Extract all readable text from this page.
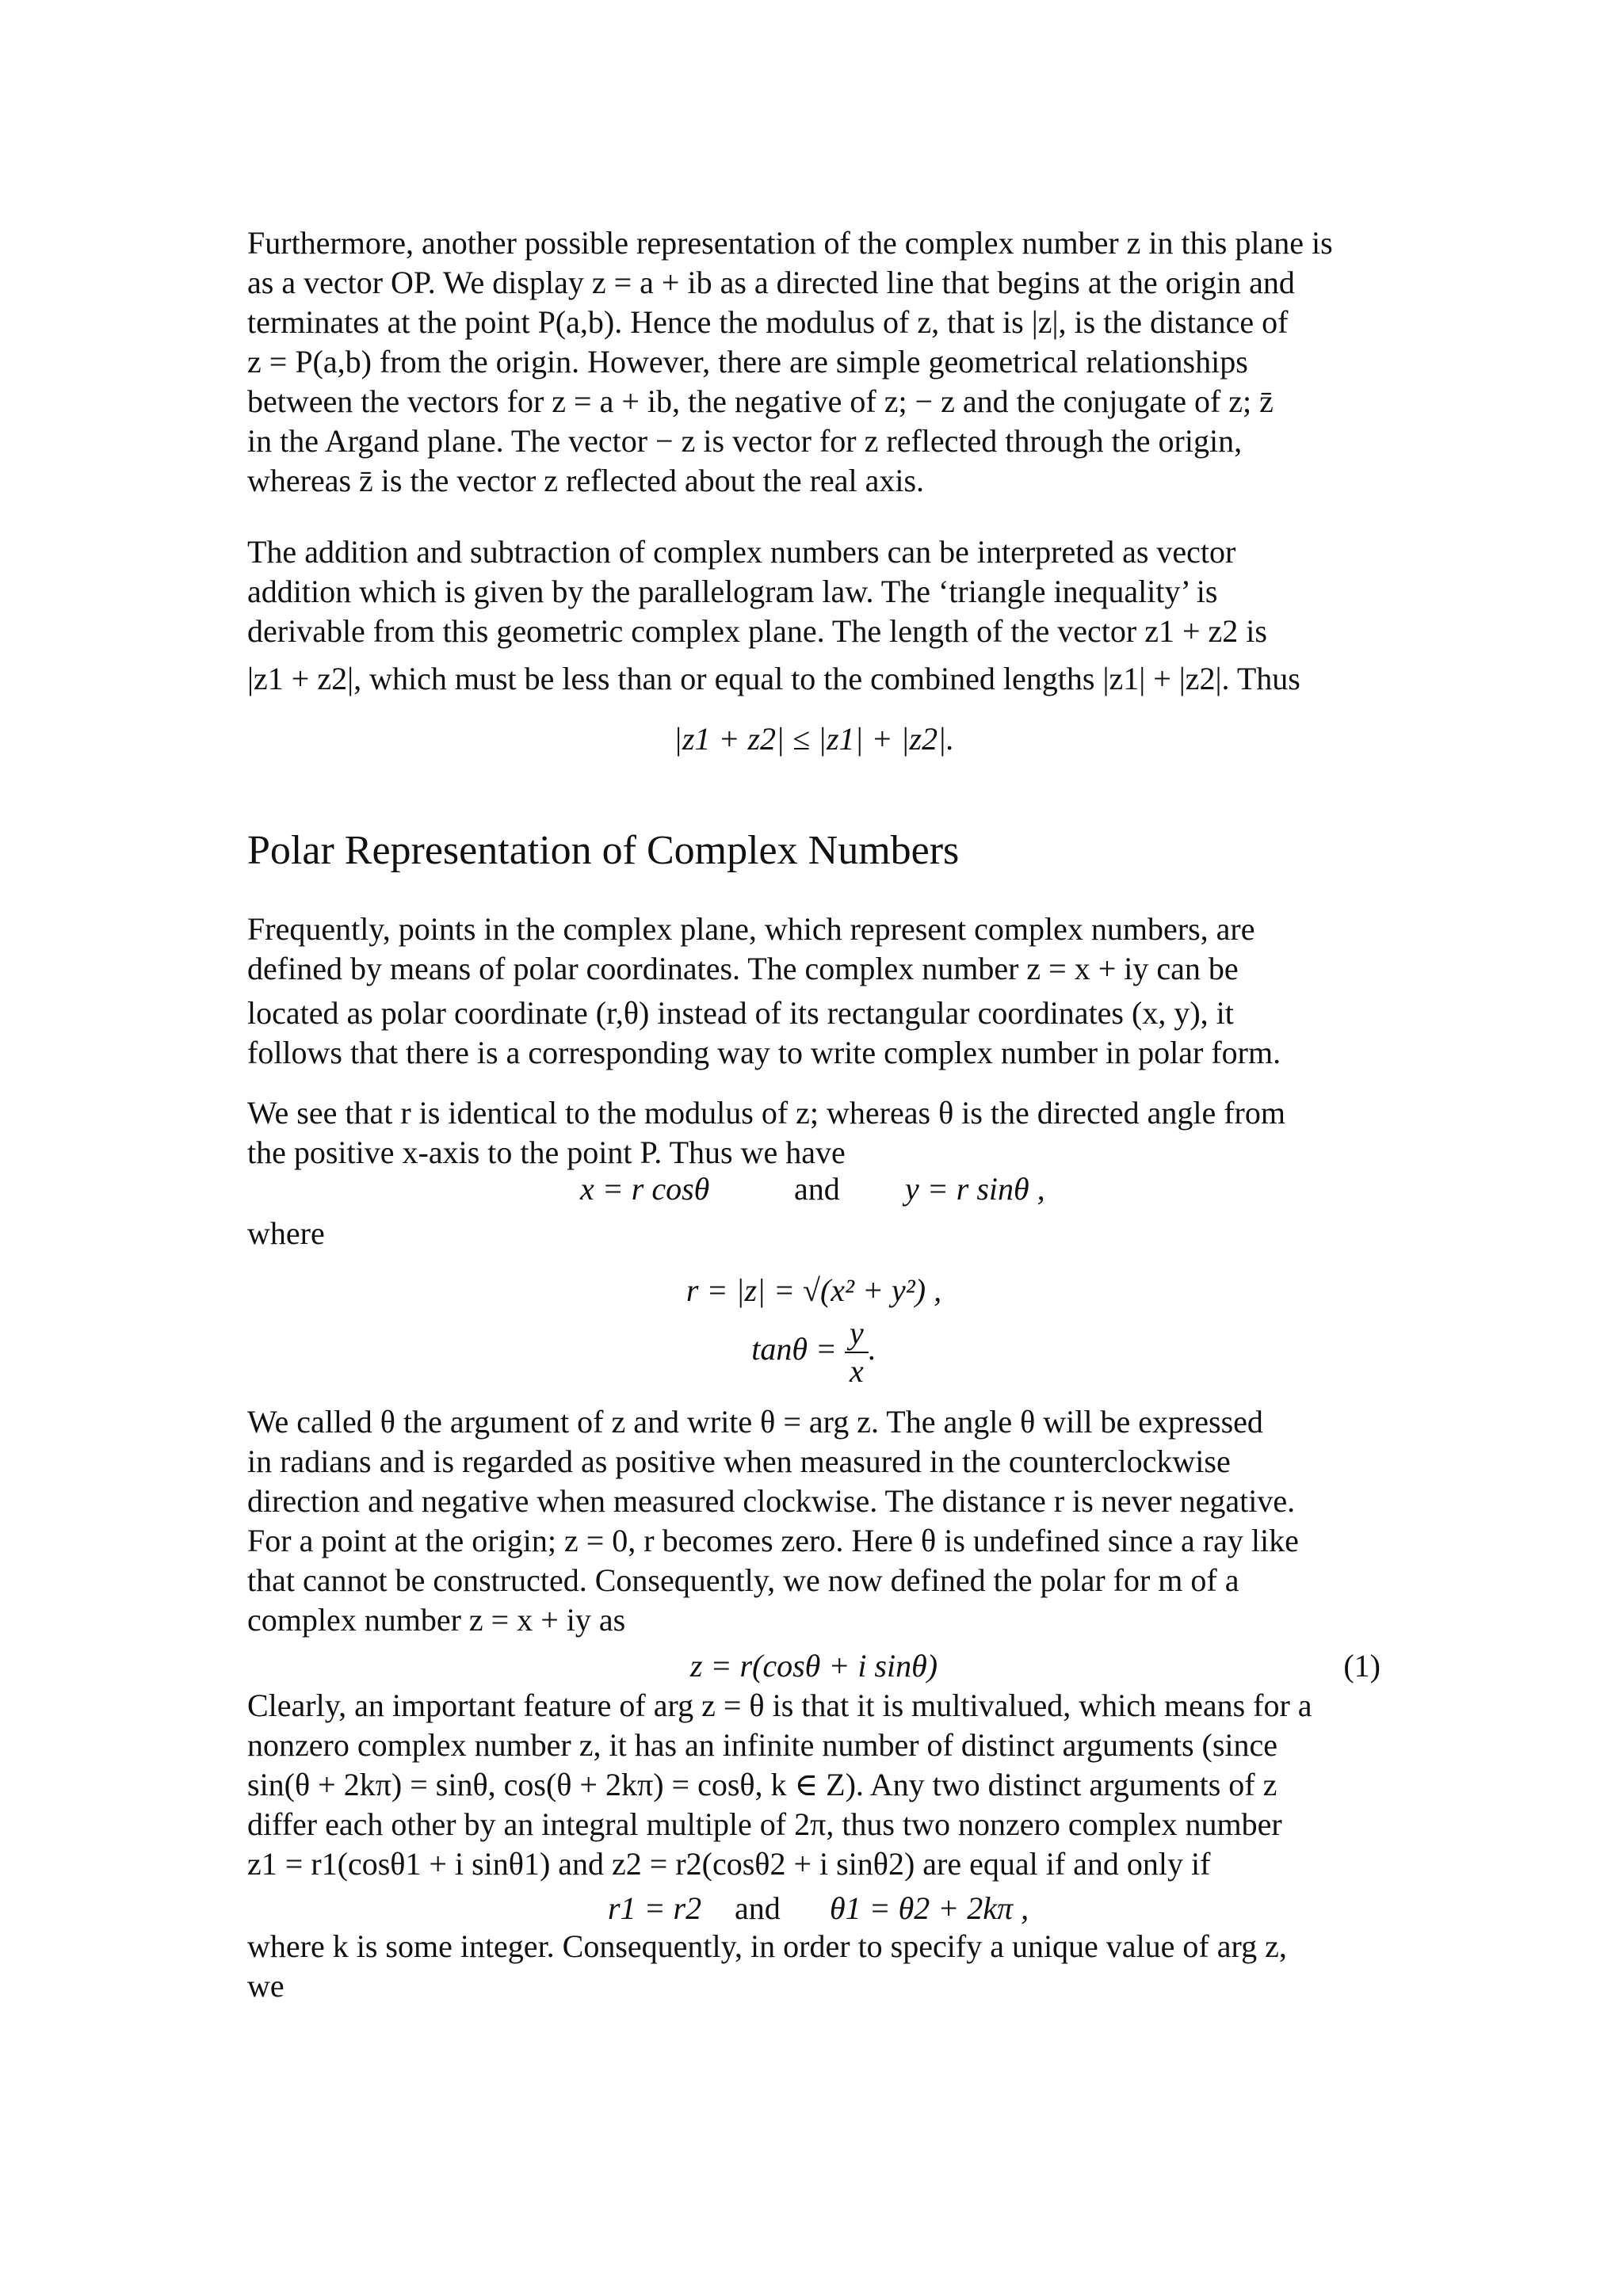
Furthermore, another possible representation of the complex number z in this plane is

as a vector OP. We display z = a + ib as a directed line that begins at the origin and

terminates at the point P(a,b). Hence the modulus of z, that is |z|, is the distance of

z = P(a,b) from the origin. However, there are simple geometrical relationships

between the vectors for z = a + ib, the negative of z; − z and the conjugate of z; z̄

in the Argand plane. The vector − z is vector for z reflected through the origin,

whereas z̄ is the vector z reflected about the real axis.

The addition and subtraction of complex numbers can be interpreted as vector

addition which is given by the parallelogram law. The ‘triangle inequality’ is

derivable from this geometric complex plane. The length of the vector z1 + z2 is

|z1 + z2|, which must be less than or equal to the combined lengths |z1| + |z2|. Thus

|z1 + z2| ≤ |z1| + |z2|.
Polar Representation of Complex Numbers

Frequently, points in the complex plane, which represent complex numbers, are

defined by means of polar coordinates. The complex number z = x + iy can be

located as polar coordinate (r,θ) instead of its rectangular coordinates (x, y), it

follows that there is a corresponding way to write complex number in polar form.

We see that r is identical to the modulus of z; whereas θ is the directed angle from

the positive x-axis to the point P. Thus we have

x = r cosθ	and y = r sinθ ,
where
r = |z| = √(x² + y²) ,
$\tan\theta = \frac{y}{x}$ .

We called θ the argument of z and write θ = arg z. The angle θ will be expressed

in radians and is regarded as positive when measured in the counterclockwise

direction and negative when measured clockwise. The distance r is never negative.

For a point at the origin; z = 0, r becomes zero. Here θ is undefined since a ray like

that cannot be constructed. Consequently, we now defined the polar for m of a

complex number z = x + iy as

z = r(cosθ + i sinθ)	(1)

Clearly, an important feature of arg z = θ is that it is multivalued, which means for a

nonzero complex number z, it has an infinite number of distinct arguments (since

sin(θ + 2kπ) = sinθ, cos(θ + 2kπ) = cosθ, k ∈ Z). Any two distinct arguments of z

differ each other by an integral multiple of 2π, thus two nonzero complex number

z1 = r1(cosθ1 + i sinθ1) and z2 = r2(cosθ2 + i sinθ2) are equal if and only if

r1 = r2 and θ1 = θ2 + 2kπ ,

where k is some integer. Consequently, in order to specify a unique value of arg z,

we
